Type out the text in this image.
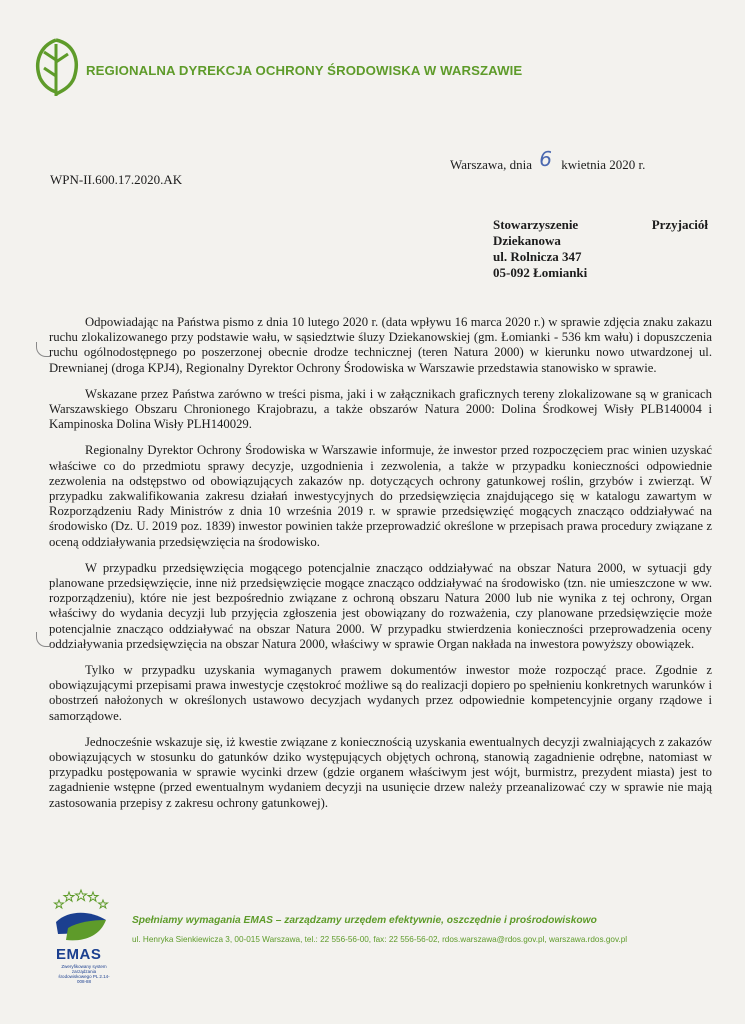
REGIONALNA DYREKCJA OCHRONY ŚRODOWISKA W WARSZAWIE
Warszawa, dnia 6 kwietnia 2020 r.
WPN-II.600.17.2020.AK
Stowarzyszenie	Przyjaciół
Dziekanowa
ul. Rolnicza 347
05-092 Łomianki

Odpowiadając na Państwa pismo z dnia 10 lutego 2020 r. (data wpływu 16 marca 2020 r.) w sprawie zdjęcia znaku zakazu ruchu zlokalizowanego przy podstawie wału, w sąsiedztwie śluzy Dziekanowskiej (gm. Łomianki - 536 km wału) i dopuszczenia ruchu ogólnodostępnego po poszerzonej obecnie drodze technicznej (teren Natura 2000) w kierunku nowo utwardzonej ul. Drewnianej (droga KPJ4), Regionalny Dyrektor Ochrony Środowiska w Warszawie przedstawia stanowisko w sprawie.

Wskazane przez Państwa zarówno w treści pisma, jaki i w załącznikach graficznych tereny zlokalizowane są w granicach Warszawskiego Obszaru Chronionego Krajobrazu, a także obszarów Natura 2000: Dolina Środkowej Wisły PLB140004 i Kampinoska Dolina Wisły PLH140029.

Regionalny Dyrektor Ochrony Środowiska w Warszawie informuje, że inwestor przed rozpoczęciem prac winien uzyskać właściwe co do przedmiotu sprawy decyzje, uzgodnienia i zezwolenia, a także w przypadku konieczności odpowiednie zezwolenia na odstępstwo od obowiązujących zakazów np. dotyczących ochrony gatunkowej roślin, grzybów i zwierząt. W przypadku zakwalifikowania zakresu działań inwestycyjnych do przedsięwzięcia znajdującego się w katalogu zawartym w Rozporządzeniu Rady Ministrów z dnia 10 września 2019 r. w sprawie przedsięwzięć mogących znacząco oddziaływać na środowisko (Dz. U. 2019 poz. 1839) inwestor powinien także przeprowadzić określone w przepisach prawa procedury związane z oceną oddziaływania przedsięwzięcia na środowisko.

W przypadku przedsięwzięcia mogącego potencjalnie znacząco oddziaływać na obszar Natura 2000, w sytuacji gdy planowane przedsięwzięcie, inne niż przedsięwzięcie mogące znacząco oddziaływać na środowisko (tzn. nie umieszczone w ww. rozporządzeniu), które nie jest bezpośrednio związane z ochroną obszaru Natura 2000 lub nie wynika z tej ochrony, Organ właściwy do wydania decyzji lub przyjęcia zgłoszenia jest obowiązany do rozważenia, czy planowane przedsięwzięcie może potencjalnie znacząco oddziaływać na obszar Natura 2000. W przypadku stwierdzenia konieczności przeprowadzenia oceny oddziaływania przedsięwzięcia na obszar Natura 2000, właściwy w sprawie Organ nakłada na inwestora powyższy obowiązek.

Tylko w przypadku uzyskania wymaganych prawem dokumentów inwestor może rozpocząć prace. Zgodnie z obowiązującymi przepisami prawa inwestycje częstokroć możliwe są do realizacji dopiero po spełnieniu konkretnych warunków i obostrzeń nałożonych w określonych ustawowo decyzjach wydanych przez odpowiednie kompetencyjnie organy rządowe i samorządowe.

Jednocześnie wskazuje się, iż kwestie związane z koniecznością uzyskania ewentualnych decyzji zwalniających z zakazów obowiązujących w stosunku do gatunków dziko występujących objętych ochroną, stanowią zagadnienie odrębne, natomiast w przypadku postępowania w sprawie wycinki drzew (gdzie organem właściwym jest wójt, burmistrz, prezydent miasta) jest to zagadnienie wstępne (przed ewentualnym wydaniem decyzji na usunięcie drzew należy przeanalizować czy w sprawie nie mają zastosowania przepisy z zakresu ochrony gatunkowej).

EMAS
Zweryfikowany system zarządzania środowiskowego PL 2.14-008-88
Spełniamy wymagania EMAS – zarządzamy urzędem efektywnie, oszczędnie i prośrodowiskowo
ul. Henryka Sienkiewicza 3, 00-015 Warszawa, tel.: 22 556-56-00, fax: 22 556-56-02, rdos.warszawa@rdos.gov.pl, warszawa.rdos.gov.pl
